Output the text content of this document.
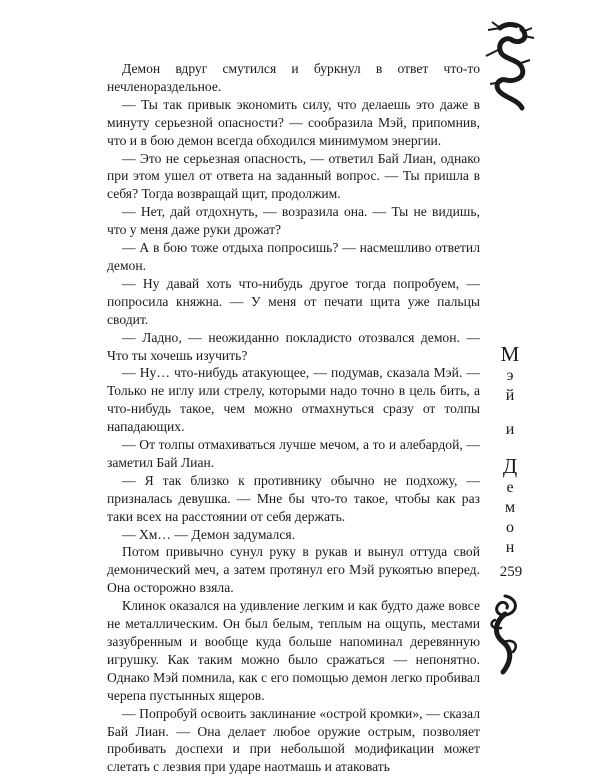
Демон вдруг смутился и буркнул в ответ что-то нечленораздельное.

— Ты так привык экономить силу, что делаешь это даже в минуту серьезной опасности? — сообразила Мэй, припомнив, что и в бою демон всегда обходился минимумом энергии.

— Это не серьезная опасность, — ответил Бай Лиан, однако при этом ушел от ответа на заданный вопрос. — Ты пришла в себя? Тогда возвращай щит, продолжим.

— Нет, дай отдохнуть, — возразила она. — Ты не видишь, что у меня даже руки дрожат?

— А в бою тоже отдыха попросишь? — насмешливо ответил демон.

— Ну давай хоть что-нибудь другое тогда попробуем, — попросила княжна. — У меня от печати щита уже пальцы сводит.

— Ладно, — неожиданно покладисто отозвался демон. — Что ты хочешь изучить?

— Ну… что-нибудь атакующее, — подумав, сказала Мэй. — Только не иглу или стрелу, которыми надо точно в цель бить, а что-нибудь такое, чем можно отмахнуться сразу от толпы нападающих.

— От толпы отмахиваться лучше мечом, а то и алебардой, — заметил Бай Лиан.

— Я так близко к противнику обычно не подхожу, — призналась девушка. — Мне бы что-то такое, чтобы как раз таки всех на расстоянии от себя держать.

— Хм… — Демон задумался.

Потом привычно сунул руку в рукав и вынул оттуда свой демонический меч, а затем протянул его Мэй рукоятью вперед. Она осторожно взяла.

Клинок оказался на удивление легким и как будто даже вовсе не металлическим. Он был белым, теплым на ощупь, местами зазубренным и вообще куда больше напоминал деревянную игрушку. Как таким можно было сражаться — непонятно. Однако Мэй помнила, как с его помощью демон легко пробивал черепа пустынных ящеров.

— Попробуй освоить заклинание «острой кромки», — сказал Бай Лиан. — Она делает любое оружие острым, позволяет пробивать доспехи и при небольшой модификации может слетать с лезвия при ударе наотмашь и атаковать

М
э
й
и
Д
е
м
о
н
259
